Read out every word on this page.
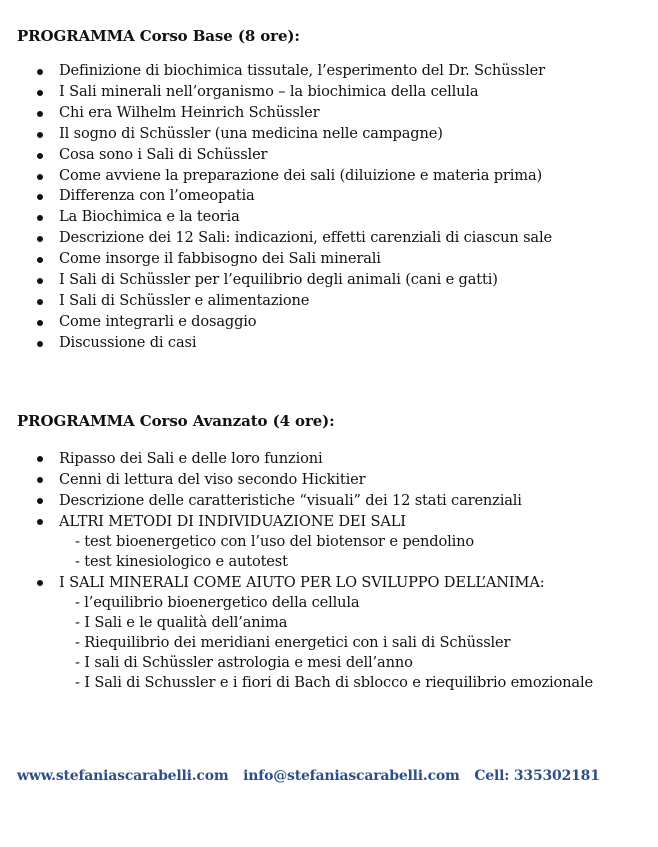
PROGRAMMA Corso Base (8 ore):
Definizione di biochimica tissutale, l’esperimento del Dr. Schüssler
I Sali minerali nell’organismo – la biochimica della cellula
Chi era Wilhelm Heinrich Schüssler
Il sogno di Schüssler (una medicina nelle campagne)
Cosa sono i Sali di Schüssler
Come avviene la preparazione dei sali (diluizione e materia prima)
Differenza con l’omeopatia
La Biochimica e la teoria
Descrizione dei 12 Sali: indicazioni, effetti carenziali di ciascun sale
Come insorge il fabbisogno dei Sali minerali
I Sali di Schüssler per l’equilibrio degli animali (cani e gatti)
I Sali di Schüssler e alimentazione
Come integrarli e dosaggio
Discussione di casi
PROGRAMMA Corso Avanzato (4 ore):
Ripasso dei Sali e delle loro funzioni
Cenni di lettura del viso secondo Hickitier
Descrizione delle caratteristiche “visuali” dei 12 stati carenziali
ALTRI METODI DI INDIVIDUAZIONE DEI SALI
- test bioenergetico con l’uso del biotensor e pendolino
- test kinesiologico e autotest
I SALI MINERALI COME AIUTO PER LO SVILUPPO DELL’ANIMA:
- l’equilibrio bioenergetico della cellula
- I Sali e le qualità dell’anima
- Riequilibrio dei meridiani energetici con i sali di Schüssler
- I sali di Schüssler astrologia e mesi dell’anno
- I Sali di Schussler e i fiori di Bach di sblocco e riequilibrio emozionale
www.stefaniascarabelli.com info@stefaniascarabelli.com Cell: 335302181
